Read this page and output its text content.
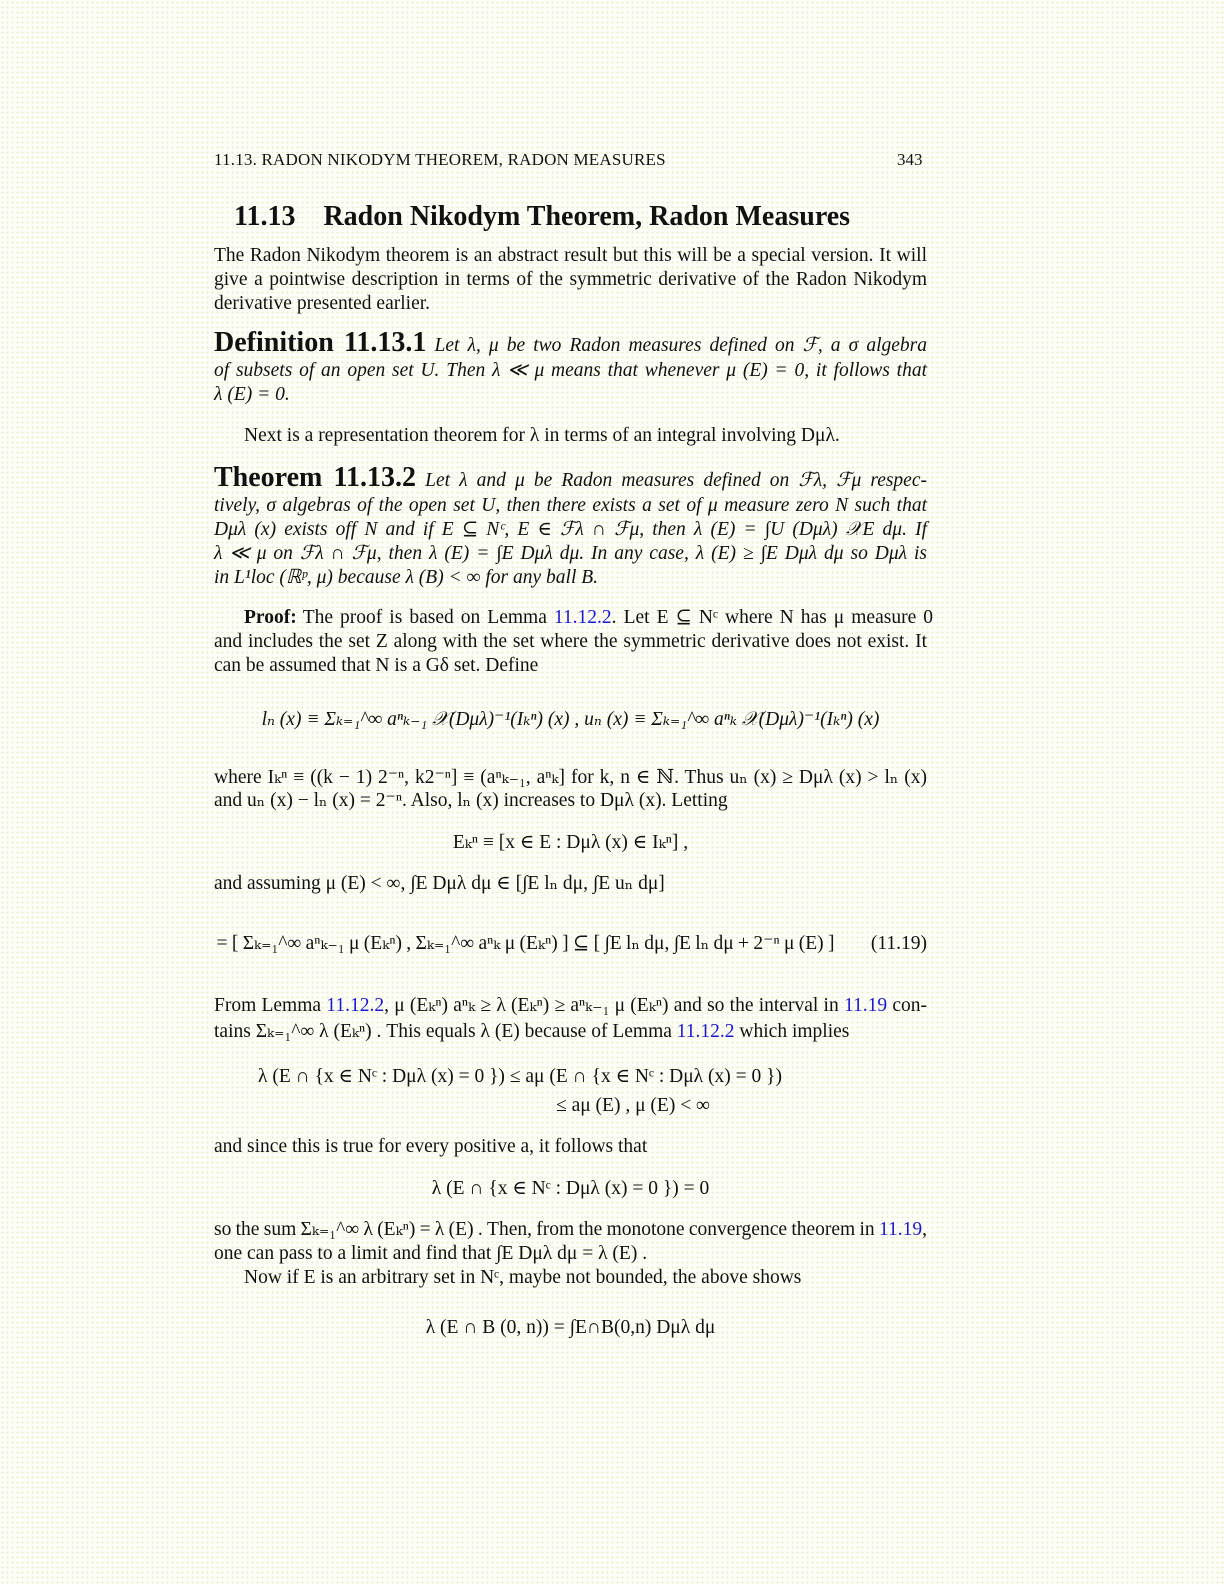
11.13. RADON NIKODYM THEOREM, RADON MEASURES	343
11.13    Radon Nikodym Theorem, Radon Measures
The Radon Nikodym theorem is an abstract result but this will be a special version. It will
give a pointwise description in terms of the symmetric derivative of the Radon Nikodym
derivative presented earlier.
Definition 11.13.1 Let λ, μ be two Radon measures defined on ℱ, a σ algebra
of subsets of an open set U. Then λ ≪ μ means that whenever μ (E) = 0, it follows that
λ (E) = 0.
Next is a representation theorem for λ in terms of an integral involving Dμλ.
Theorem 11.13.2 Let λ and μ be Radon measures defined on ℱλ, ℱμ respec-
tively, σ algebras of the open set U, then there exists a set of μ measure zero N such that
Dμλ (x) exists off N and if E ⊆ Nᶜ, E ∈ ℱλ ∩ ℱμ, then λ (E) = ∫U (Dμλ) 𝒳E dμ. If
λ ≪ μ on ℱλ ∩ ℱμ, then λ (E) = ∫E Dμλ dμ. In any case, λ (E) ≥ ∫E Dμλ dμ so Dμλ is
in L¹loc (ℝᵖ, μ) because λ (B) < ∞ for any ball B.
Proof: The proof is based on Lemma 11.12.2. Let E ⊆ Nᶜ where N has μ measure 0
and includes the set Z along with the set where the symmetric derivative does not exist. It
can be assumed that N is a Gδ set. Define
lₙ (x) ≡ Σₖ₌₁^∞ aⁿₖ₋₁ 𝒳(Dμλ)⁻¹(Iₖⁿ) (x) , uₙ (x) ≡ Σₖ₌₁^∞ aⁿₖ 𝒳(Dμλ)⁻¹(Iₖⁿ) (x)
where Iₖⁿ ≡ ((k − 1) 2⁻ⁿ, k2⁻ⁿ] ≡ (aⁿₖ₋₁, aⁿₖ] for k, n ∈ ℕ. Thus uₙ (x) ≥ Dμλ (x) > lₙ (x)
and uₙ (x) − lₙ (x) = 2⁻ⁿ. Also, lₙ (x) increases to Dμλ (x). Letting
Eₖⁿ ≡ [x ∈ E : Dμλ (x) ∈ Iₖⁿ] ,
and assuming μ (E) < ∞, ∫E Dμλ dμ ∈ [∫E lₙ dμ, ∫E uₙ dμ]
= [ Σₖ₌₁^∞ aⁿₖ₋₁ μ (Eₖⁿ) , Σₖ₌₁^∞ aⁿₖ μ (Eₖⁿ) ] ⊆ [ ∫E lₙ dμ, ∫E lₙ dμ + 2⁻ⁿ μ (E) ] (11.19)
From Lemma 11.12.2, μ (Eₖⁿ) aⁿₖ ≥ λ (Eₖⁿ) ≥ aⁿₖ₋₁ μ (Eₖⁿ) and so the interval in 11.19 con-
tains Σₖ₌₁^∞ λ (Eₖⁿ) . This equals λ (E) because of Lemma 11.12.2 which implies
λ (E ∩ {x ∈ Nᶜ : Dμλ (x) = 0 }) ≤ aμ (E ∩ {x ∈ Nᶜ : Dμλ (x) = 0 })
≤ aμ (E) , μ (E) < ∞
and since this is true for every positive a, it follows that
λ (E ∩ {x ∈ Nᶜ : Dμλ (x) = 0 }) = 0
so the sum Σₖ₌₁^∞ λ (Eₖⁿ) = λ (E) . Then, from the monotone convergence theorem in 11.19,
one can pass to a limit and find that ∫E Dμλ dμ = λ (E) .
Now if E is an arbitrary set in Nᶜ, maybe not bounded, the above shows
λ (E ∩ B (0, n)) = ∫E∩B(0,n) Dμλ dμ
